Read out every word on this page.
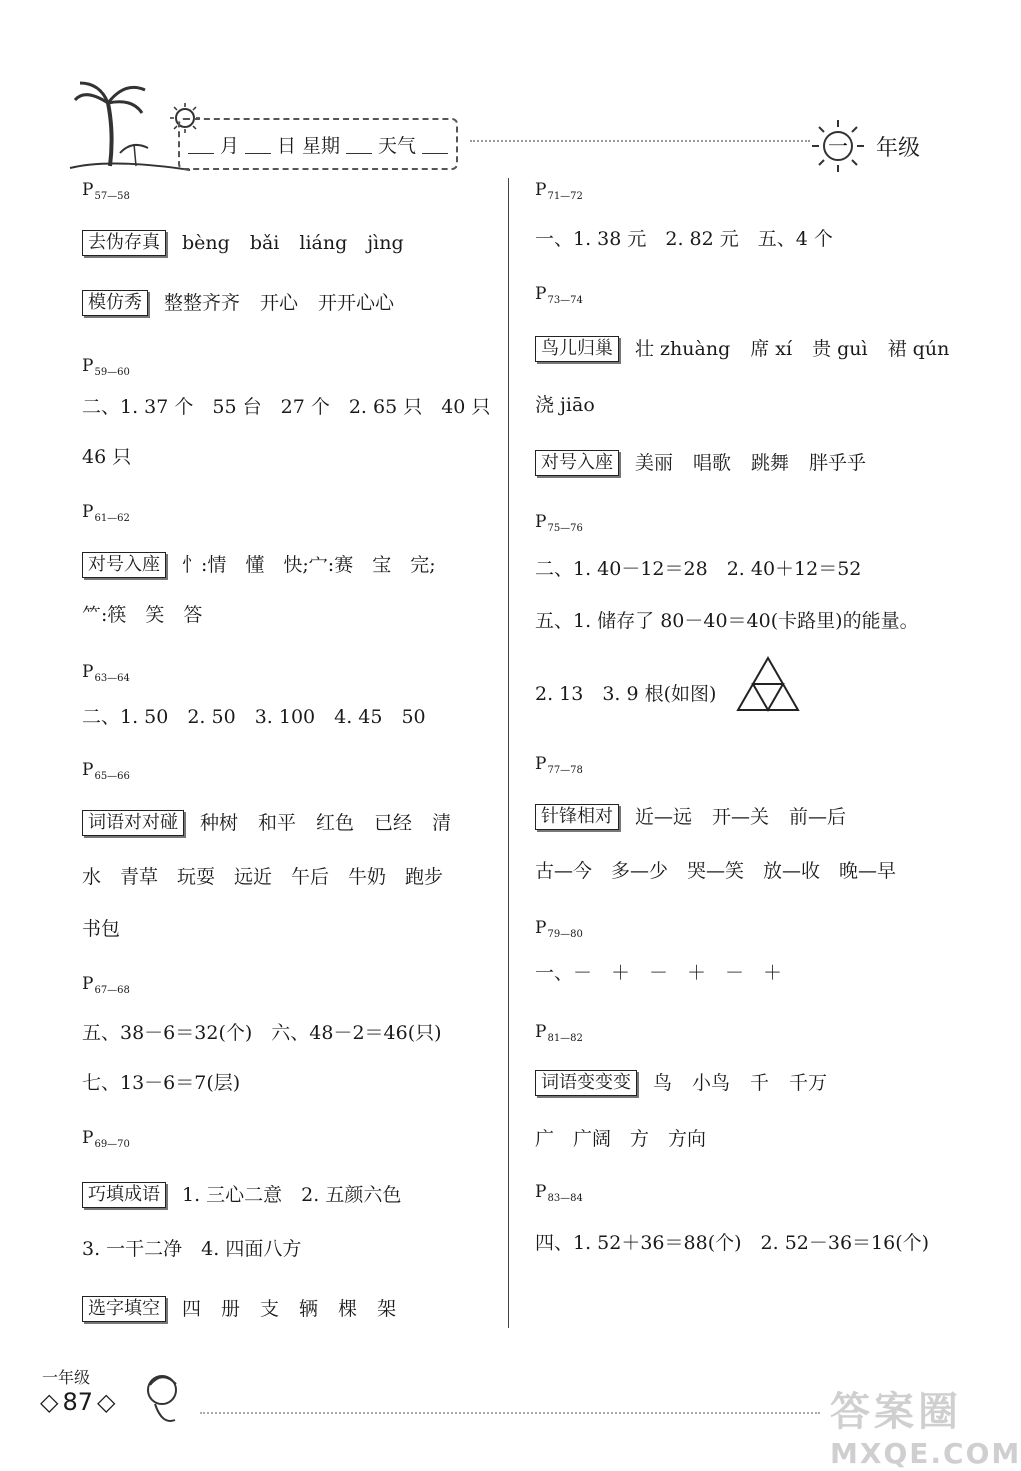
月 日 星期 天气	一 年级
$P_{57—58}$
去伪存真	bèng bǎi liáng jìng
模仿秀	整整齐齐 开心 开开心心
$P_{59—60}$
二、1. 37 个　55 台　27 个　2. 65 只　40 只
46 只
$P_{61—62}$
对号入座	忄:情　懂　快;宀:赛　宝　完;
⺮:筷　笑　答
$P_{63—64}$
二、1. 50　2. 50　3. 100　4. 45　50
$P_{65—66}$
词语对对碰	种树 和平 红色 已经 清
水　青草　玩耍　远近　午后　牛奶　跑步
书包
$P_{67—68}$
五、38－6＝32(个)　六、48－2＝46(只)
七、13－6＝7(层)
$P_{69—70}$
巧填成语	1. 三心二意　2. 五颜六色
3. 一干二净　4. 四面八方
选字填空	四 册 支 辆 棵 架
$P_{71—72}$
一、1. 38 元　2. 82 元　五、4 个
$P_{73—74}$
鸟儿归巢	壮 zhuàng 席 xí 贵 guì 裙 qún
浇 jiāo
对号入座	美丽 唱歌 跳舞 胖乎乎
$P_{75—76}$
二、1. 40－12＝28　2. 40＋12＝52
五、1. 储存了 80－40＝40(卡路里)的能量。
2. 13　3. 9 根(如图)
$P_{77—78}$
针锋相对	近—远 开—关 前—后
古—今　多—少　哭—笑　放—收　晚—早
$P_{79—80}$
一、－　＋　－　＋　－　＋
$P_{81—82}$
词语变变变	鸟 小鸟 千 千万
广　广阔　方　方向
$P_{83—84}$
四、1. 52＋36＝88(个)　2. 52－36＝16(个)
一年级
◇ 87 ◇	答案圈
MXQE.COM
